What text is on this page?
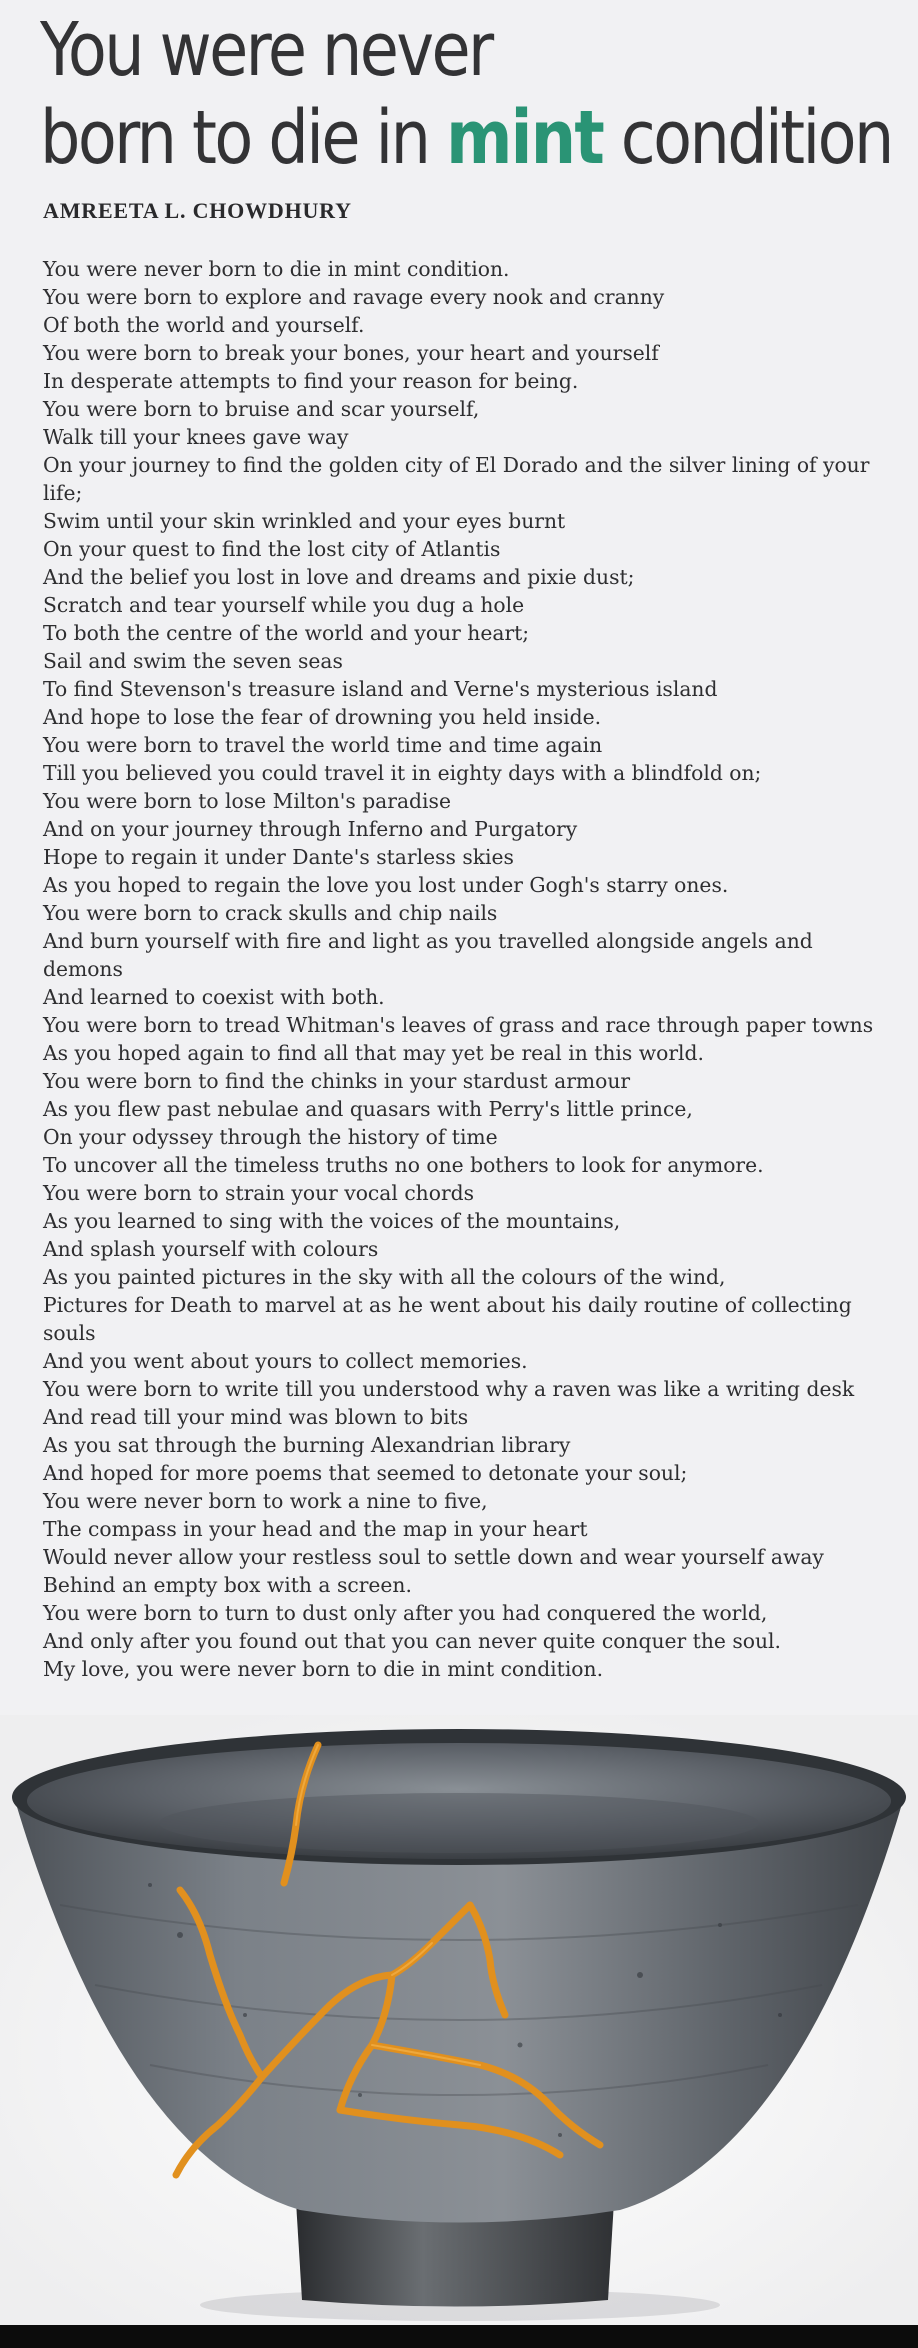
You were never
born to die in mint condition
AMREETA L. CHOWDHURY
You were never born to die in mint condition.
You were born to explore and ravage every nook and cranny
Of both the world and yourself.
You were born to break your bones, your heart and yourself
In desperate attempts to find your reason for being.
You were born to bruise and scar yourself,
Walk till your knees gave way
On your journey to find the golden city of El Dorado and the silver lining of your life;
Swim until your skin wrinkled and your eyes burnt
On your quest to find the lost city of Atlantis
And the belief you lost in love and dreams and pixie dust;
Scratch and tear yourself while you dug a hole
To both the centre of the world and your heart;
Sail and swim the seven seas
To find Stevenson's treasure island and Verne's mysterious island
And hope to lose the fear of drowning you held inside.
You were born to travel the world time and time again
Till you believed you could travel it in eighty days with a blindfold on;
You were born to lose Milton's paradise
And on your journey through Inferno and Purgatory
Hope to regain it under Dante's starless skies
As you hoped to regain the love you lost under Gogh's starry ones.
You were born to crack skulls and chip nails
And burn yourself with fire and light as you travelled alongside angels and demons
And learned to coexist with both.
You were born to tread Whitman's leaves of grass and race through paper towns
As you hoped again to find all that may yet be real in this world.
You were born to find the chinks in your stardust armour
As you flew past nebulae and quasars with Perry's little prince,
On your odyssey through the history of time
To uncover all the timeless truths no one bothers to look for anymore.
You were born to strain your vocal chords
As you learned to sing with the voices of the mountains,
And splash yourself with colours
As you painted pictures in the sky with all the colours of the wind,
Pictures for Death to marvel at as he went about his daily routine of collecting souls
And you went about yours to collect memories.
You were born to write till you understood why a raven was like a writing desk
And read till your mind was blown to bits
As you sat through the burning Alexandrian library
And hoped for more poems that seemed to detonate your soul;
You were never born to work a nine to five,
The compass in your head and the map in your heart
Would never allow your restless soul to settle down and wear yourself away
Behind an empty box with a screen.
You were born to turn to dust only after you had conquered the world,
And only after you found out that you can never quite conquer the soul.
My love, you were never born to die in mint condition.
